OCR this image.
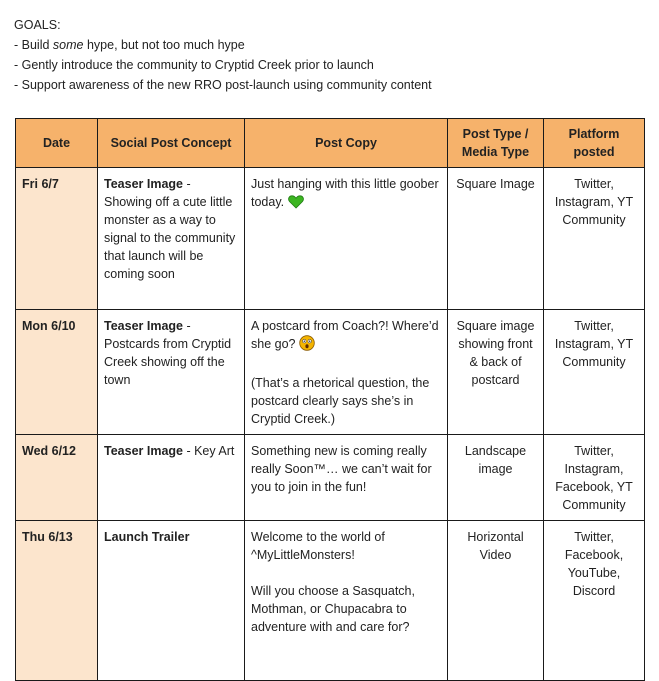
GOALS:
- Build some hype, but not too much hype
- Gently introduce the community to Cryptid Creek prior to launch
- Support awareness of the new RRO post-launch using community content
Date	Social Post Concept	Post Copy	Post Type / Media Type	Platform posted
Fri 6/7	Teaser Image - Showing off a cute little monster as a way to signal to the community that launch will be coming soon	Just hanging with this little goober today.	Square Image	Twitter, Instagram, YT Community
Mon 6/10	Teaser Image - Postcards from Cryptid Creek showing off the town	A postcard from Coach?! Where’d she go?
(That’s a rhetorical question, the postcard clearly says she’s in Cryptid Creek.)	Square image showing front & back of postcard	Twitter, Instagram, YT Community
Wed 6/12	Teaser Image - Key Art	Something new is coming really really Soon™… we can’t wait for you to join in the fun!	Landscape image	Twitter, Instagram, Facebook, YT Community
Thu 6/13	Launch Trailer	Welcome to the world of ^MyLittleMonsters!
Will you choose a Sasquatch, Mothman, or Chupacabra to adventure with and care for?	Horizontal Video	Twitter, Facebook, YouTube, Discord
